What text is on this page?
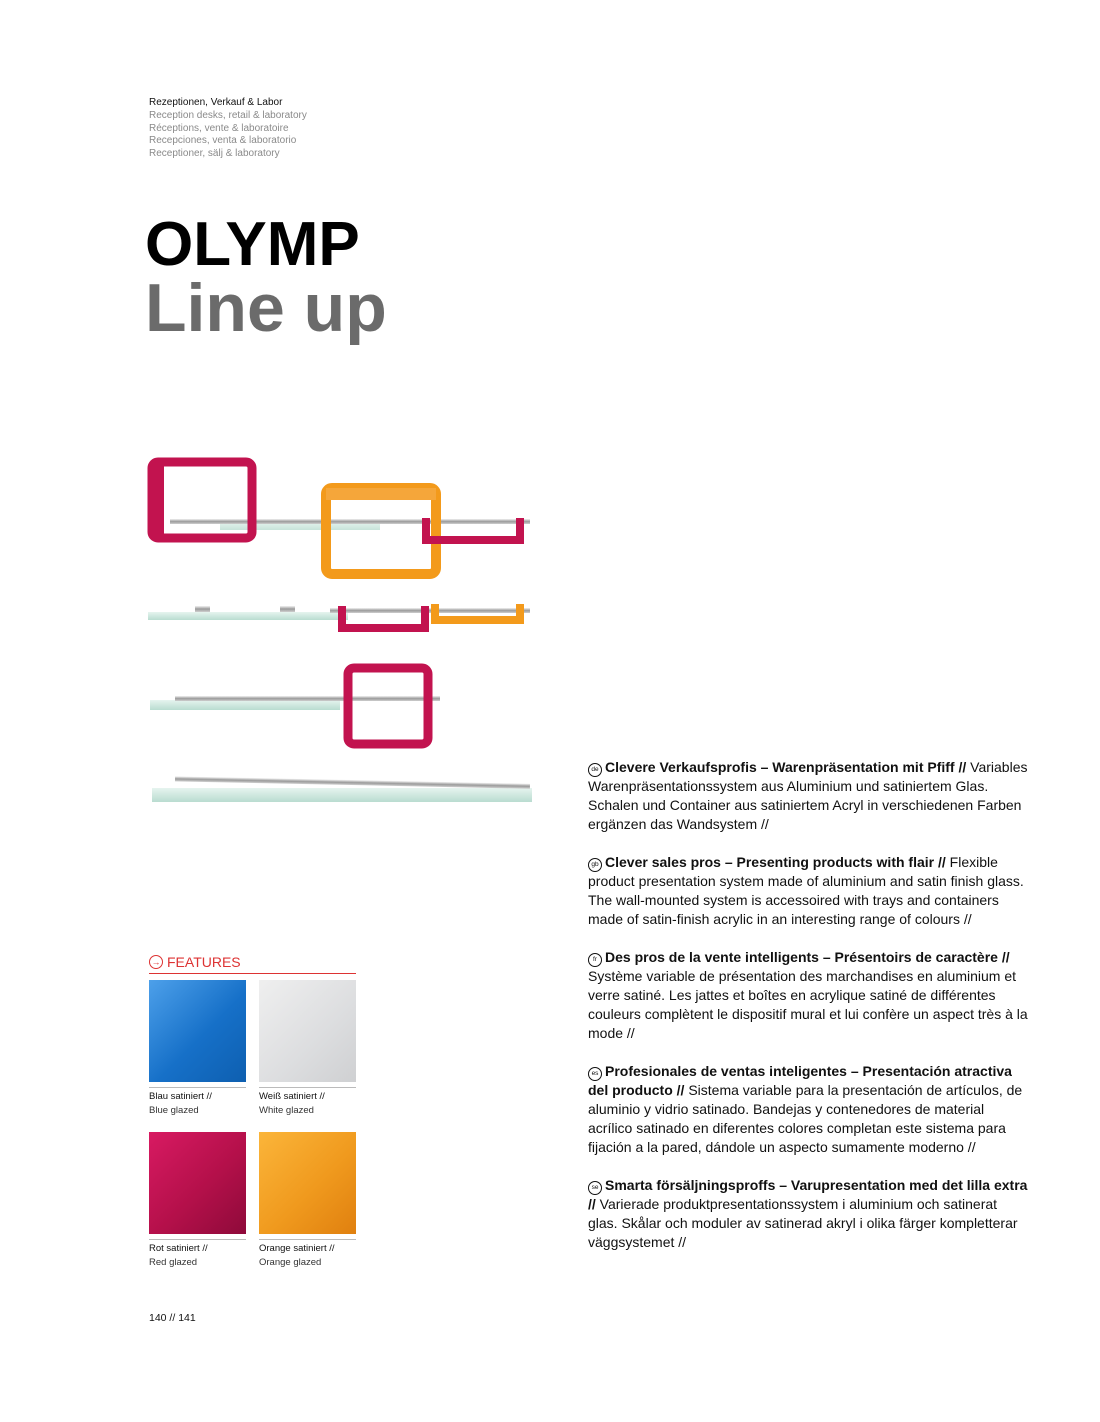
Rezeptionen, Verkauf & Labor
Reception desks, retail & laboratory
Réceptions, vente & laboratoire
Recepciones, venta & laboratorio
Receptioner, sälj & laboratory
OLYMP
Line up
→ FEATURES
Blau satiniert //
Blue glazed
Weiß satiniert //
White glazed
Rot satiniert //
Red glazed
Orange satiniert //
Orange glazed
140 // 141

de Clevere Verkaufsprofis – Warenpräsentation mit Pfiff // Variables Warenpräsentationssystem aus Aluminium und satiniertem Glas. Schalen und Container aus satiniertem Acryl in verschiedenen Farben ergänzen das Wandsystem //

gb Clever sales pros – Presenting products with flair // Flexible product presentation system made of aluminium and satin finish glass. The wall-mounted system is accessoired with trays and containers made of satin-finish acrylic in an interesting range of colours //

fr Des pros de la vente intelligents – Présentoirs de caractère // Système variable de présentation des marchandises en aluminium et verre satiné. Les jattes et boîtes en acrylique satiné de différentes couleurs complètent le dispositif mural et lui confère un aspect très à la mode //

es Profesionales de ventas inteligentes – Presentación atractiva del producto // Sistema variable para la presentación de artículos, de aluminio y vidrio satinado. Bandejas y contenedores de material acrílico satinado en diferentes colores completan este sistema para fijación a la pared, dándole un aspecto sumamente moderno //

se Smarta försäljningsproffs – Varupresentation med det lilla extra // Varierade produktpresentationssystem i aluminium och satinerat glas. Skålar och moduler av satinerad akryl i olika färger kompletterar väggsystemet //
